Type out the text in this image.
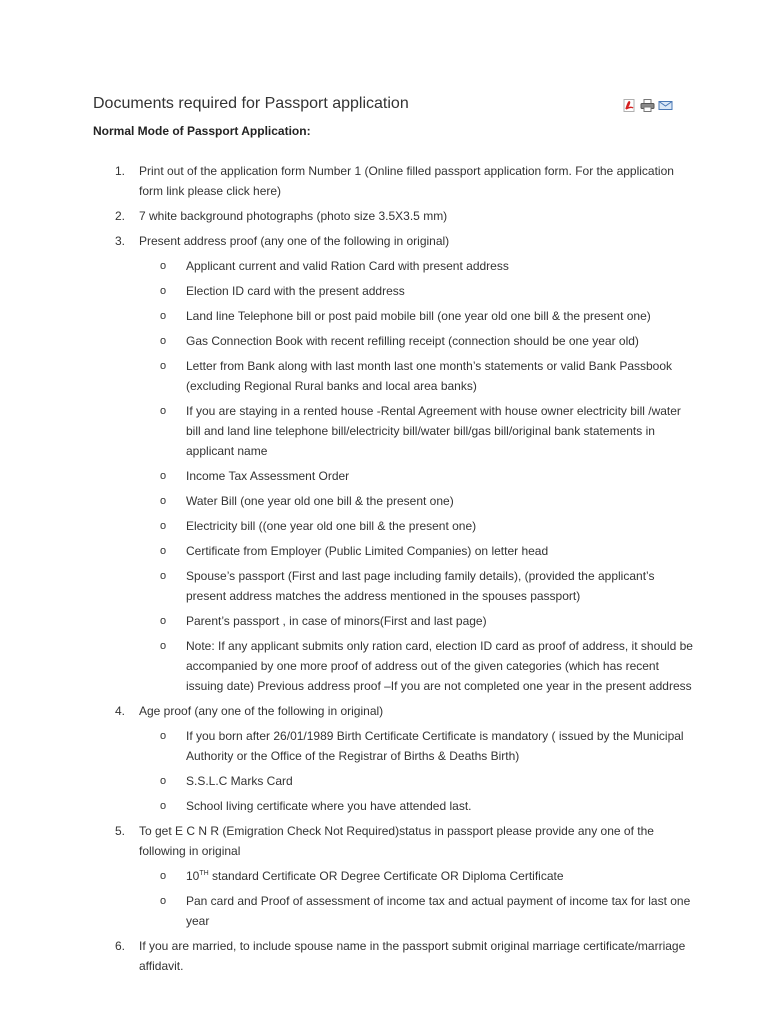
Documents required for Passport application

Normal Mode of Passport Application:

1. Print out of the application form Number 1 (Online filled passport application form. For the application form link please click here)
2. 7 white background photographs (photo size 3.5X3.5 mm)
3. Present address proof (any one of the following in original)
o Applicant current and valid Ration Card with present address
o Election ID card with the present address
o Land line Telephone bill or post paid mobile bill (one year old one bill & the present one)
o Gas Connection Book with recent refilling receipt (connection should be one year old)
o Letter from Bank along with last month last one month’s statements or valid Bank Passbook (excluding Regional Rural banks and local area banks)
o If you are staying in a rented house -Rental Agreement with house owner electricity bill /water bill and land line telephone bill/electricity bill/water bill/gas bill/original bank statements in applicant name
o Income Tax Assessment Order
o Water Bill (one year old one bill & the present one)
o Electricity bill ((one year old one bill & the present one)
o Certificate from Employer (Public Limited Companies) on letter head
o Spouse’s passport (First and last page including family details), (provided the applicant’s present address matches the address mentioned in the spouses passport)
o Parent’s passport , in case of minors(First and last page)
o Note: If any applicant submits only ration card, election ID card as proof of address, it should be accompanied by one more proof of address out of the given categories (which has recent issuing date) Previous address proof –If you are not completed one year in the present address
4. Age proof (any one of the following in original)
o If you born after 26/01/1989 Birth Certificate Certificate is mandatory ( issued by the Municipal Authority or the Office of the Registrar of Births & Deaths Birth)
o S.S.L.C Marks Card
o School living certificate where you have attended last.
5. To get E C N R (Emigration Check Not Required)status in passport please provide any one of the following in original
o 10TH standard Certificate OR Degree Certificate OR Diploma Certificate
o Pan card and Proof of assessment of income tax and actual payment of income tax for last one year
6. If you are married, to include spouse name in the passport submit original marriage certificate/marriage affidavit.
